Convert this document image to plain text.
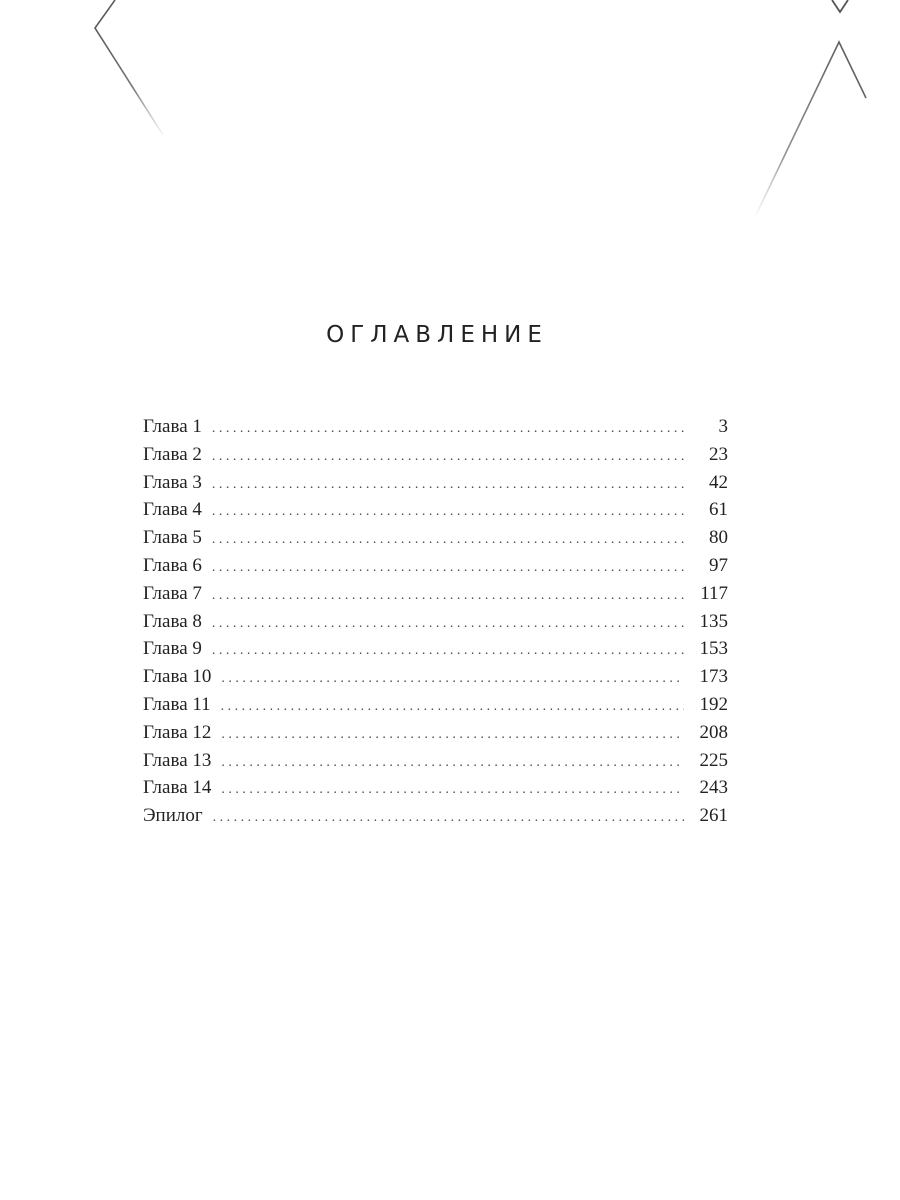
ОГЛАВЛЕНИЕ
Глава 1 . . .	3
Глава 2 . . .	23
Глава 3 . . .	42
Глава 4 . . .	61
Глава 5 . . .	80
Глава 6 . . .	97
Глава 7 . . .	117
Глава 8 . . .	135
Глава 9 . . .	153
Глава 10 . . .	173
Глава 11 . . .	192
Глава 12 . . .	208
Глава 13 . . .	225
Глава 14 . . .	243
Эпилог . . .	261
